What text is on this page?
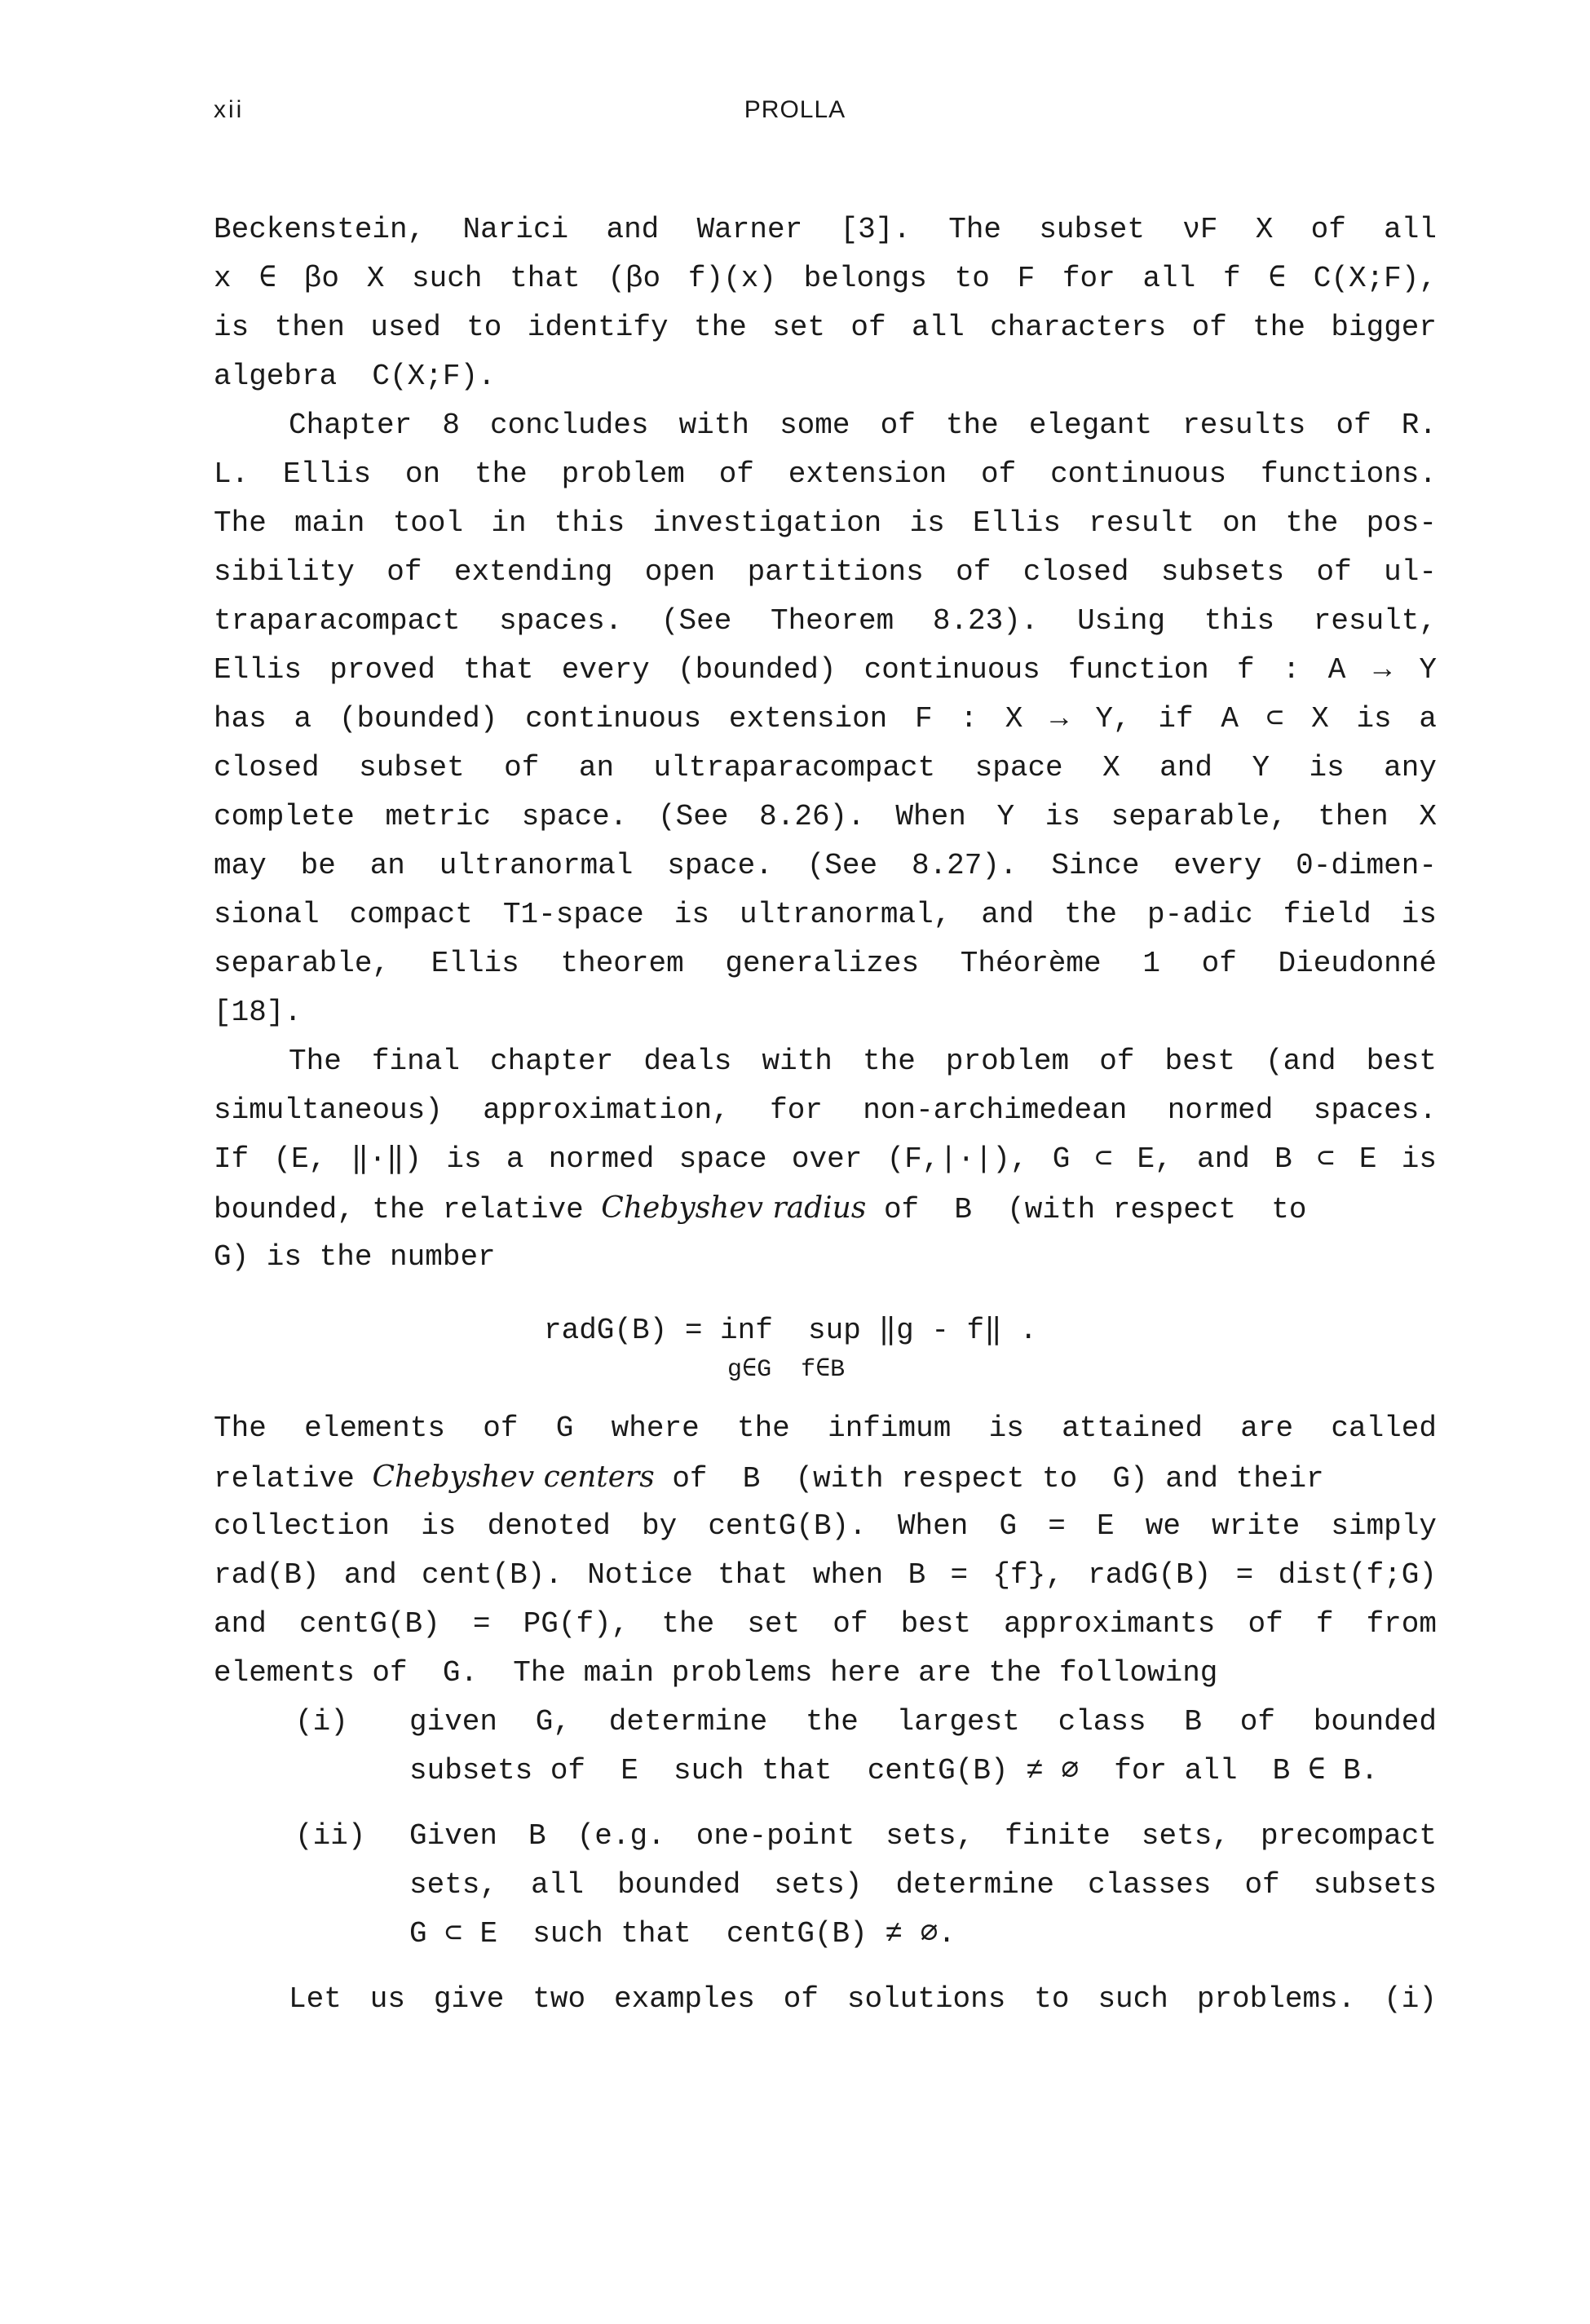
xii	PROLLA
Beckenstein, Narici and Warner [3]. The subset νF X of all
x ∈ βo X such that (βo f)(x) belongs to F for all f ∈ C(X;F),
is then used to identify the set of all characters of the bigger
algebra  C(X;F).
Chapter 8 concludes with some of the elegant results of R.
L. Ellis on the problem of extension of continuous functions.
The main tool in this investigation is Ellis result on the pos-
sibility of extending open partitions of closed subsets of ul-
traparacompact spaces. (See Theorem 8.23). Using this result,
Ellis proved that every (bounded) continuous function f : A → Y
has a (bounded) continuous extension F : X → Y, if A ⊂ X is a
closed subset of an ultraparacompact space X and Y is any
complete metric space. (See 8.26). When Y is separable, then X
may be an ultranormal space. (See 8.27). Since every 0-dimen-
sional compact T1-space is ultranormal, and the p-adic field is
separable, Ellis theorem generalizes Théorème 1 of Dieudonné
[18].
The final chapter deals with the problem of best (and best
simultaneous) approximation, for non-archimedean normed spaces.
If (E, ‖·‖) is a normed space over (F,|·|), G ⊂ E, and B ⊂ E is
bounded, the relative Chebyshev radius of  B  (with respect  to
G) is the number
radG(B) = inf  sup ‖g - f‖ .
g∈G  f∈B
The elements of G where the infimum is attained are called
relative Chebyshev centers of  B  (with respect to  G) and their
collection is denoted by centG(B). When G = E we write simply
rad(B) and cent(B). Notice that when B = {f}, radG(B) = dist(f;G)
and centG(B) = PG(f), the set of best approximants of f from
elements of  G.  The main problems here are the following
(i) given G, determine the largest class B of bounded
subsets of  E  such that  centG(B) ≠ ∅  for all  B ∈ B.
(ii) Given B (e.g. one-point sets, finite sets, precompact
sets, all bounded sets) determine classes of subsets
G ⊂ E  such that  centG(B) ≠ ∅.
Let us give two examples of solutions to such problems. (i)
